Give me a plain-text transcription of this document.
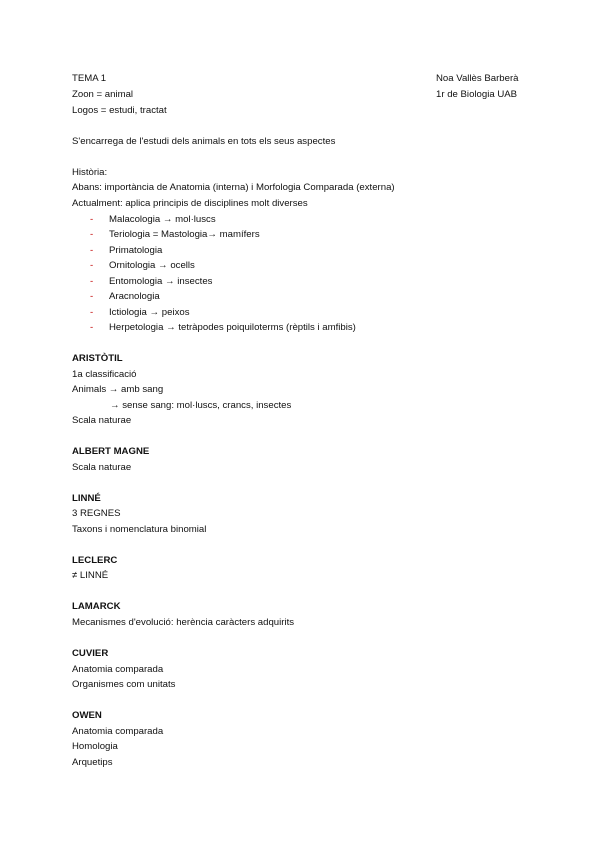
TEMA 1
Zoon = animal
Logos = estudi, tractat
Noa Vallès Barberà
1r de Biologia UAB
S'encarrega de l'estudi dels animals en tots els seus aspectes
Història:
Abans: importància de Anatomia (interna) i Morfologia Comparada (externa)
Actualment: aplica principis de disciplines molt diverses
- Malacologia → mol·luscs
- Teriologia = Mastologia→ mamífers
- Primatologia
- Ornitologia → ocells
- Entomologia → insectes
- Aracnologia
- Ictiologia → peixos
- Herpetologia → tetràpodes poiquiloterms (rèptils i amfibis)
ARISTÒTIL
1a classificació
Animals → amb sang
→ sense sang: mol·luscs, crancs, insectes
Scala naturae
ALBERT MAGNE
Scala naturae
LINNÉ
3 REGNES
Taxons i nomenclatura binomial
LECLERC
≠ LINNÉ
LAMARCK
Mecanismes d'evolució: herència caràcters adquirits
CUVIER
Anatomia comparada
Organismes com unitats
OWEN
Anatomia comparada
Homologia
Arquetips
